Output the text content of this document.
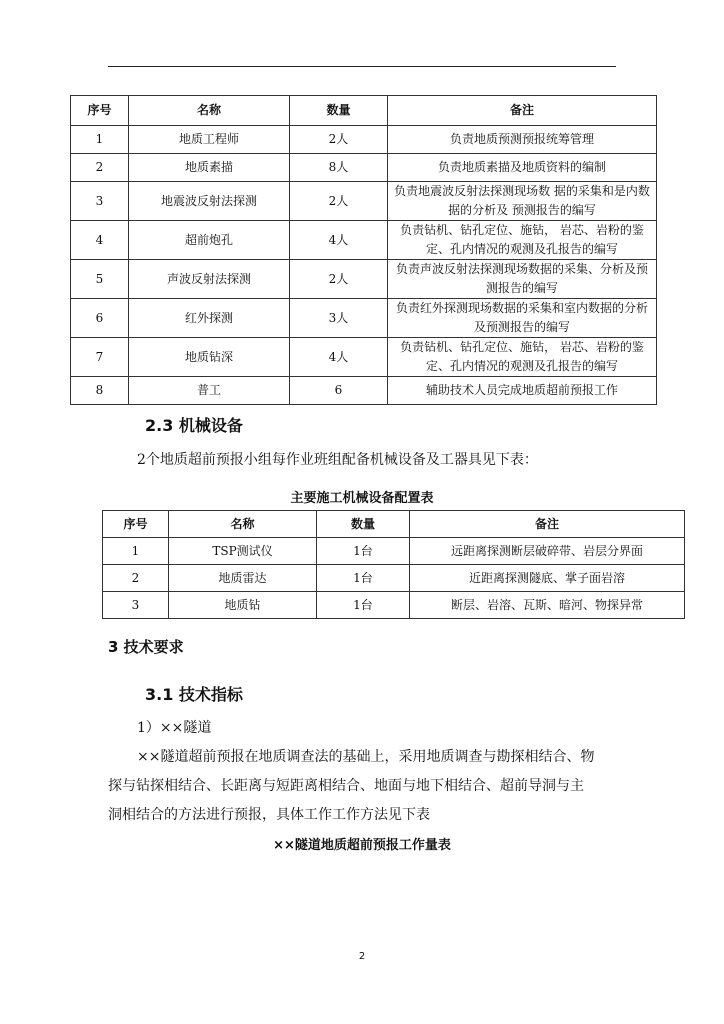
序号	名称	数量	备注
1	地质工程师	2人	负责地质预测预报统筹管理
2	地质素描	8人	负责地质素描及地质资料的编制
3	地震波反射法探测	2人	负责地震波反射法探测现场数 据的采集和是内数据的分析及 预测报告的编写
4	超前炮孔	4人	负责钻机、钻孔定位、施钻， 岩芯、岩粉的鉴定、孔内情况的观测及孔报告的编写
5	声波反射法探测	2人	负责声波反射法探测现场数据的采集、分析及预测报告的编写
6	红外探测	3人	负责红外探测现场数据的采集和室内数据的分析及预测报告的编写
7	地质钻深	4人	负责钻机、钻孔定位、施钻， 岩芯、岩粉的鉴定、孔内情况的观测及孔报告的编写
8	普工	6	辅助技术人员完成地质超前预报工作
2.3 机械设备
2个地质超前预报小组每作业班组配备机械设备及工器具见下表：
主要施工机械设备配置表
序号	名称	数量	备注
1	TSP测试仪	1台	远距离探测断层破碎带、岩层分界面
2	地质雷达	1台	近距离探测隧底、掌子面岩溶
3	地质钻	1台	断层、岩溶、瓦斯、暗河、物探异常
3 技术要求
3.1 技术指标
1）××隧道
××隧道超前预报在地质调查法的基础上，采用地质调查与勘探相结合、物
探与钻探相结合、长距离与短距离相结合、地面与地下相结合、超前导洞与主
洞相结合的方法进行预报，具体工作工作方法见下表
××隧道地质超前预报工作量表
2
